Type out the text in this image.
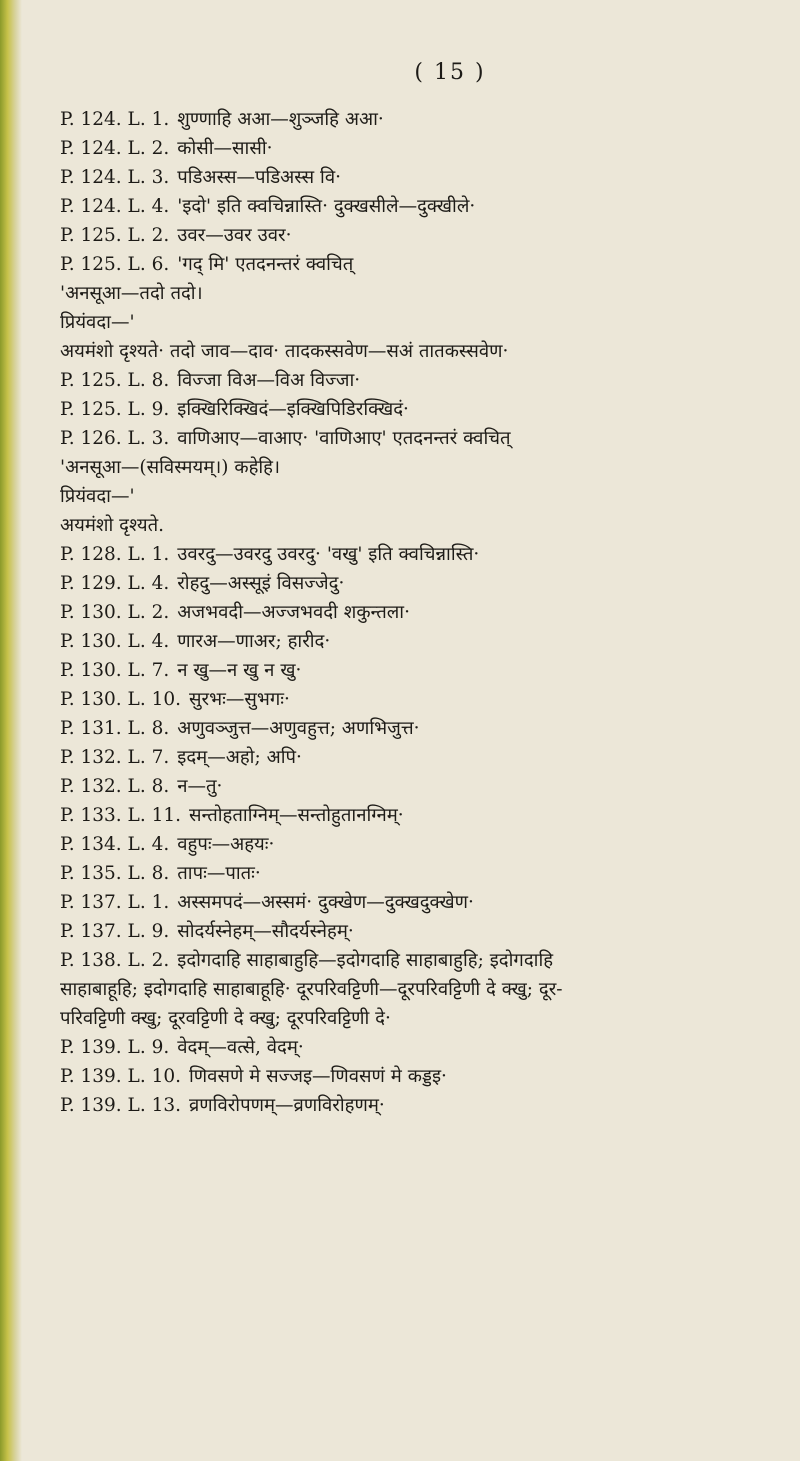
( 15 )
P. 124. L. 1. शुण्णाहि अआ—शुञ्जहि अआ·
P. 124. L. 2. कोसी—सासी·
P. 124. L. 3. पडिअस्स—पडिअस्स वि·
P. 124. L. 4. 'इदो' इति क्वचिन्नास्ति· दुक्खसीले—दुक्खीले·
P. 125. L. 2. उवर—उवर उवर·
P. 125. L. 6. 'गद् मि' एतदनन्तरं क्वचित्
'अनसूआ—तदो तदो।
प्रियंवदा—'
अयमंशो दृश्यते· तदो जाव—दाव· तादकस्सवेण—सअं तातकस्सवेण·
P. 125. L. 8. विज्जा विअ—विअ विज्जा·
P. 125. L. 9. इक्खिरिक्खिदं—इक्खिपिडिरक्खिदं·
P. 126. L. 3. वाणिआए—वाआए· 'वाणिआए' एतदनन्तरं क्वचित्
'अनसूआ—(सविस्मयम्।) कहेहि।
प्रियंवदा—'
अयमंशो दृश्यते.
P. 128. L. 1. उवरदु—उवरदु उवरदु· 'वखु' इति क्वचिन्नास्ति·
P. 129. L. 4. रोहदु—अस्सूइं विसज्जेदु·
P. 130. L. 2. अजभवदी—अज्जभवदी शकुन्तला·
P. 130. L. 4. णारअ—णाअर; हारीद·
P. 130. L. 7. न खु—न खु न खु·
P. 130. L. 10. सुरभः—सुभगः·
P. 131. L. 8. अणुवञ्जुत्त—अणुवहुत्त; अणभिजुत्त·
P. 132. L. 7. इदम्—अहो; अपि·
P. 132. L. 8. न—तु·
P. 133. L. 11. सन्तोहताग्निम्—सन्तोहुतानग्निम्·
P. 134. L. 4. वहुपः—अहयः·
P. 135. L. 8. तापः—पातः·
P. 137. L. 1. अस्समपदं—अस्समं· दुक्खेण—दुक्खदुक्खेण·
P. 137. L. 9. सोदर्यस्नेहम्—सौदर्यस्नेहम्·
P. 138. L. 2. इदोगदाहि साहाबाहुहि—इदोगदाहि साहाबाहुहि; इदोगदाहि
साहाबाहूहि; इदोगदाहि साहाबाहूहि· दूरपरिवट्टिणी—दूरपरिवट्टिणी दे क्खु; दूर-
परिवट्टिणी क्खु; दूरवट्टिणी दे क्खु; दूरपरिवट्टिणी दे·
P. 139. L. 9. वेदम्—वत्से, वेदम्·
P. 139. L. 10. णिवसणे मे सज्जइ—णिवसणं मे कड्डइ·
P. 139. L. 13. व्रणविरोपणम्—व्रणविरोहणम्·
